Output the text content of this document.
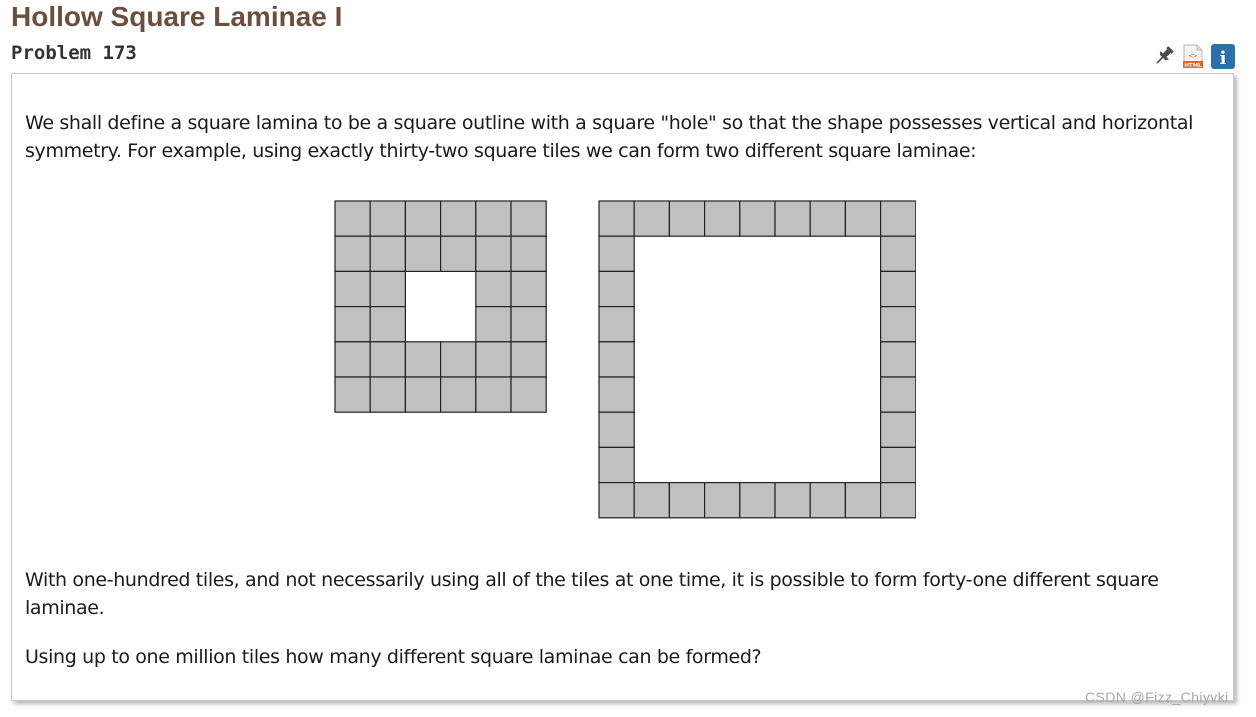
Hollow Square Laminae I
Problem 173	<>
HTML i

We shall define a square lamina to be a square outline with a square "hole" so that the shape possesses vertical and horizontal symmetry. For example, using exactly thirty-two square tiles we can form two different square laminae:

With one-hundred tiles, and not necessarily using all of the tiles at one time, it is possible to form forty-one different square laminae.

Using up to one million tiles how many different square laminae can be formed?

CSDN @Fizz_Chiyvki
